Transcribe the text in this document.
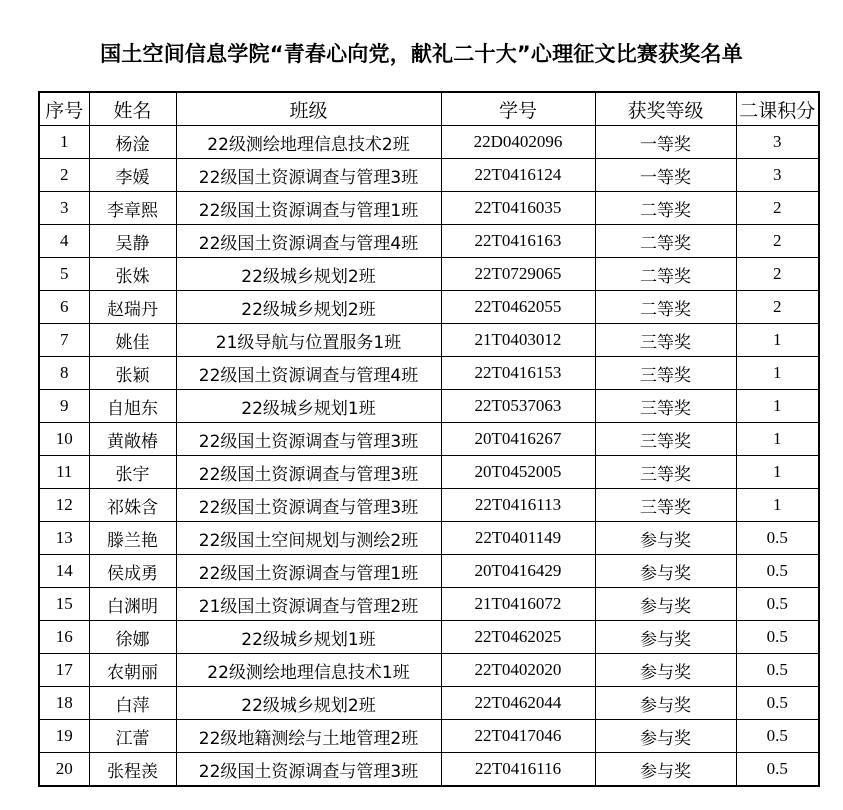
国土空间信息学院“青春心向党，献礼二十大”心理征文比赛获奖名单
序号	姓名	班级	学号	获奖等级	二课积分
1	杨淦	22级测绘地理信息技术2班	22D0402096	一等奖	3
2	李媛	22级国土资源调查与管理3班	22T0416124	一等奖	3
3	李章熙	22级国土资源调查与管理1班	22T0416035	二等奖	2
4	吴静	22级国土资源调查与管理4班	22T0416163	二等奖	2
5	张姝	22级城乡规划2班	22T0729065	二等奖	2
6	赵瑞丹	22级城乡规划2班	22T0462055	二等奖	2
7	姚佳	21级导航与位置服务1班	21T0403012	三等奖	1
8	张颖	22级国土资源调查与管理4班	22T0416153	三等奖	1
9	自旭东	22级城乡规划1班	22T0537063	三等奖	1
10	黄敞椿	22级国土资源调查与管理3班	20T0416267	三等奖	1
11	张宇	22级国土资源调查与管理3班	20T0452005	三等奖	1
12	祁姝含	22级国土资源调查与管理3班	22T0416113	三等奖	1
13	滕兰艳	22级国土空间规划与测绘2班	22T0401149	参与奖	0.5
14	侯成勇	22级国土资源调查与管理1班	20T0416429	参与奖	0.5
15	白渊明	21级国土资源调查与管理2班	21T0416072	参与奖	0.5
16	徐娜	22级城乡规划1班	22T0462025	参与奖	0.5
17	农朝丽	22级测绘地理信息技术1班	22T0402020	参与奖	0.5
18	白萍	22级城乡规划2班	22T0462044	参与奖	0.5
19	江蕾	22级地籍测绘与土地管理2班	22T0417046	参与奖	0.5
20	张程羡	22级国土资源调查与管理3班	22T0416116	参与奖	0.5
